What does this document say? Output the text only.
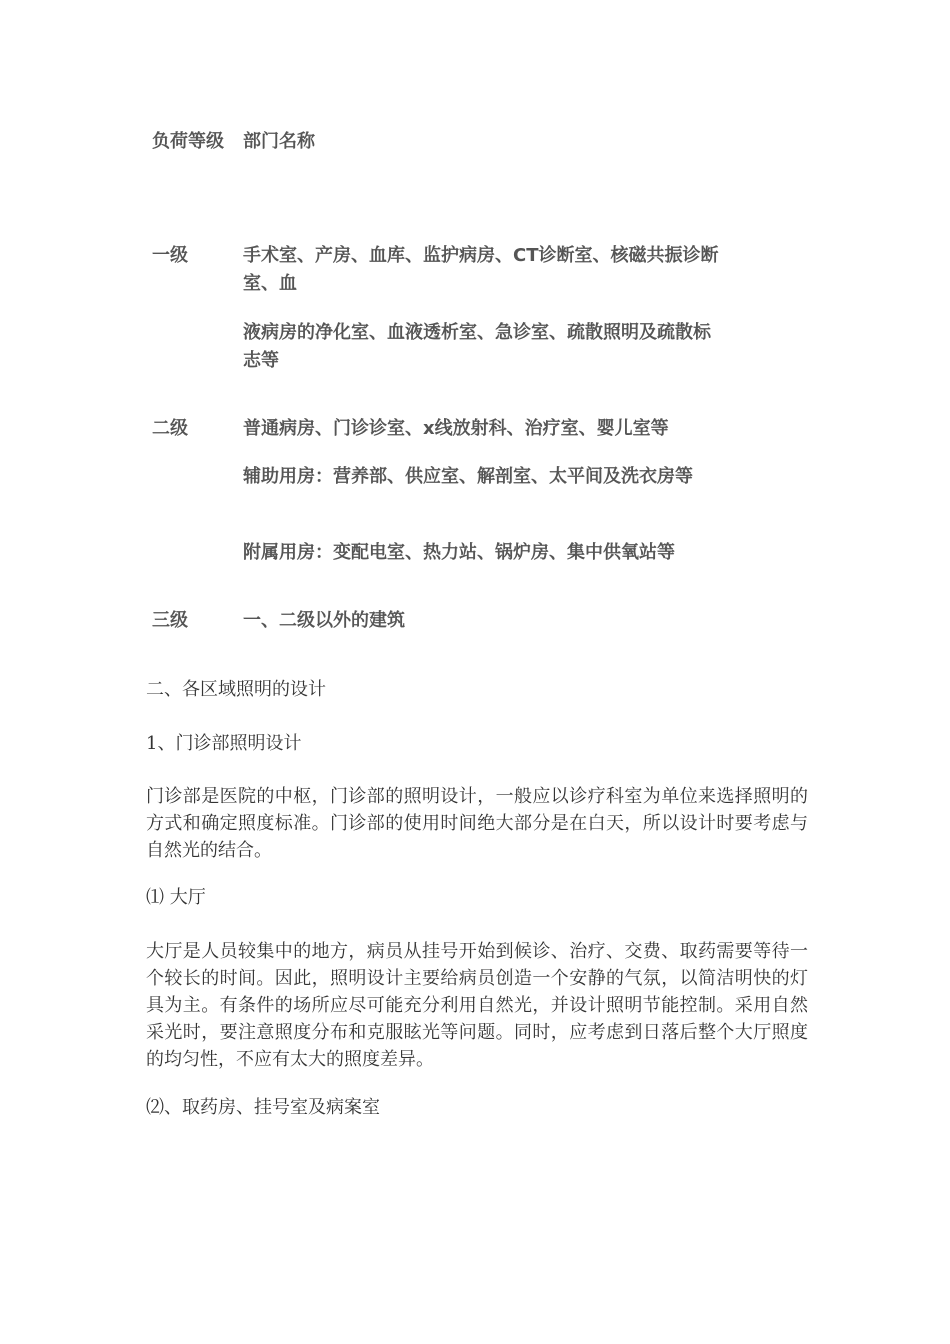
负荷等级 部门名称
一级	手术室、产房、血库、监护病房、CT诊断室、核磁共振诊断室、血
液病房的净化室、血液透析室、急诊室、疏散照明及疏散标志等
二级	普通病房、门诊诊室、x线放射科、治疗室、婴儿室等
辅助用房：营养部、供应室、解剖室、太平间及洗衣房等
附属用房：变配电室、热力站、锅炉房、集中供氧站等
三级	一、二级以外的建筑
二、各区域照明的设计
1、门诊部照明设计
门诊部是医院的中枢，门诊部的照明设计，一般应以诊疗科室为单位来选择照明的方式和确定照度标准。门诊部的使用时间绝大部分是在白天，所以设计时要考虑与自然光的结合。
⑴ 大厅
大厅是人员较集中的地方，病员从挂号开始到候诊、治疗、交费、取药需要等待一个较长的时间。因此，照明设计主要给病员创造一个安静的气氛，以简洁明快的灯具为主。有条件的场所应尽可能充分利用自然光，并设计照明节能控制。采用自然采光时，要注意照度分布和克服眩光等问题。同时，应考虑到日落后整个大厅照度的均匀性，不应有太大的照度差异。
⑵、取药房、挂号室及病案室
